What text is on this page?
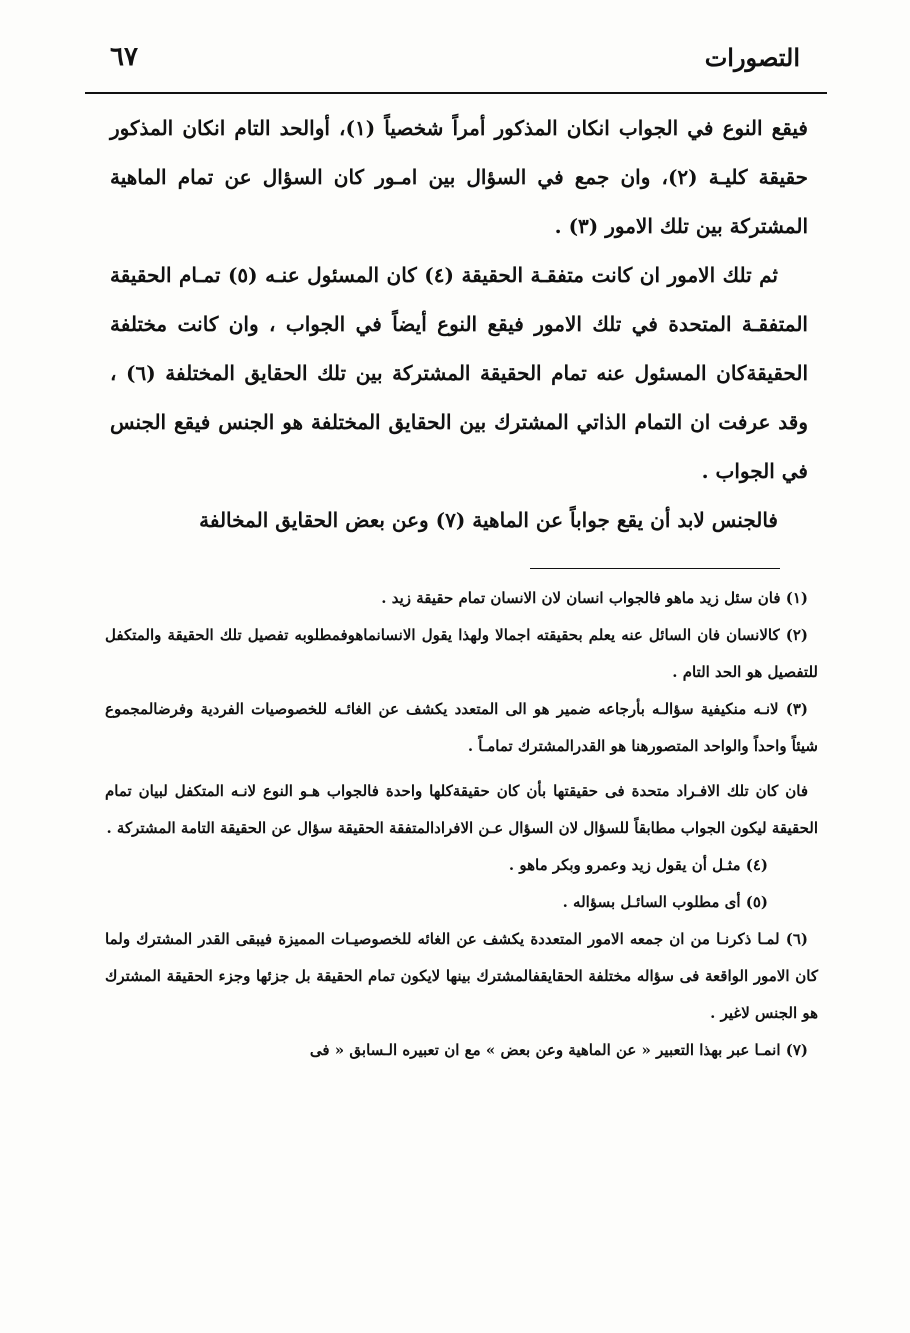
التصورات
٦٧

فيقع النوع في الجواب انكان المذكور أمراً شخصياً (١)، أوالحد التام انكان المذكور حقيقة كليـة (٢)، وان جمع في السؤال بين امـور كان السؤال عن تمام الماهية المشتركة بين تلك الامور (٣) .

ثم تلك الامور ان كانت متفقـة الحقيقة (٤) كان المسئول عنـه (٥) تمـام الحقيقة المتفقـة المتحدة في تلك الامور فيقع النوع أيضاً في الجواب ، وان كانت مختلفة الحقيقةكان المسئول عنه تمام الحقيقة المشتركة بين تلك الحقايق المختلفة (٦) ، وقد عرفت ان التمام الذاتي المشترك بين الحقايق المختلفة هو الجنس فيقع الجنس في الجواب .

فالجنس لابد أن يقع جواباً عن الماهية (٧) وعن بعض الحقايق المخالفة

(١) فان سئل زيد ماهو فالجواب انسان لان الانسان تمام حقيقة زيد .

(٢) كالانسان فان السائل عنه يعلم بحقيقته اجمالا ولهذا يقول الانسانماهوفمطلوبه تفصيل تلك الحقيقة والمتكفل للتفصيل هو الحد التام .

(٣) لانـه منكيفية سؤالـه بأرجاعه ضمير هو الى المتعدد يكشف عن الغائـه للخصوصيات الفردية وفرضالمجموع شيئاً واحداً والواحد المتصورهنا هو القدرالمشترك تمامـاً .

فان كان تلك الافـراد متحدة فى حقيقتها بأن كان حقيقةكلها واحدة فالجواب هـو النوع لانـه المتكفل لبيان تمام الحقيقة ليكون الجواب مطابقاً للسؤال لان السؤال عـن الافرادالمتفقة الحقيقة سؤال عن الحقيقة التامة المشتركة .

(٤) مثـل أن يقول زيد وعمرو وبكر ماهو .

(٥) أى مطلوب السائـل بسؤاله .

(٦) لمـا ذكرنـا من ان جمعه الامور المتعددة يكشف عن الغائه للخصوصيـات المميزة فيبقى القدر المشترك ولما كان الامور الواقعة فى سؤاله مختلفة الحقايقفالمشترك بينها لايكون تمام الحقيقة بل جزئها وجزء الحقيقة المشترك هو الجنس لاغير .

(٧) انمـا عبر بهذا التعبير « عن الماهية وعن بعض » مع ان تعبيره الـسابق « فى
